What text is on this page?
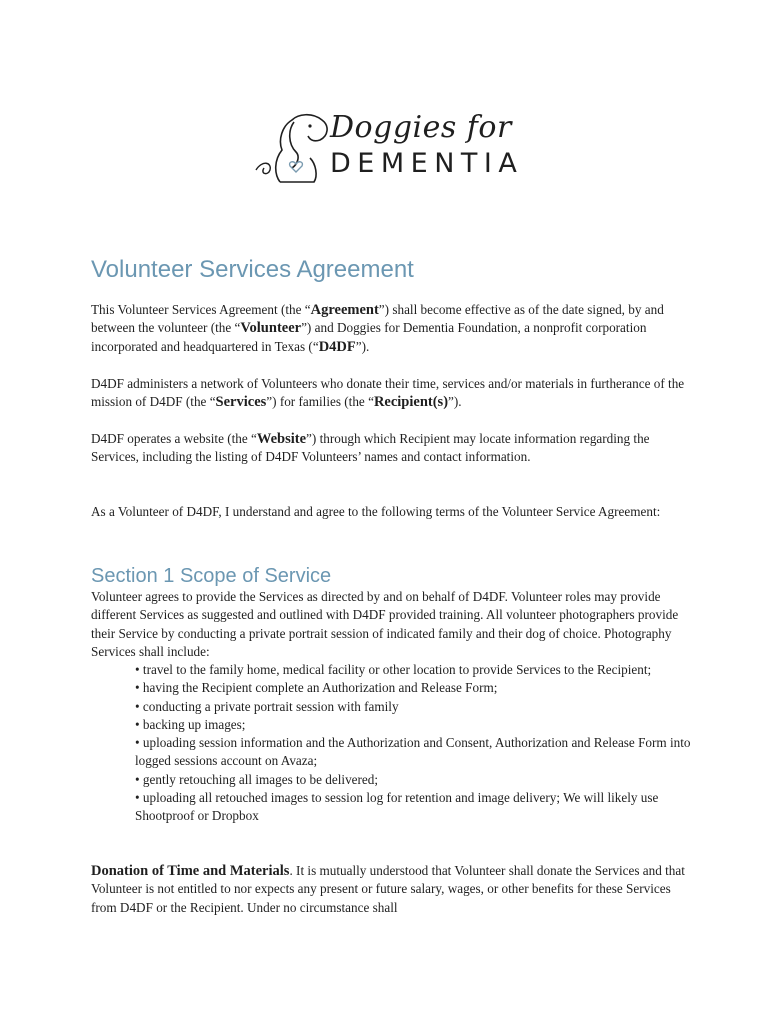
Doggies for
DEMENTIA
Volunteer Services Agreement
This Volunteer Services Agreement (the “Agreement”) shall become effective as of the date signed, by and between the volunteer (the “Volunteer”) and Doggies for Dementia Foundation, a nonprofit corporation incorporated and headquartered in Texas (“D4DF”).
D4DF administers a network of Volunteers who donate their time, services and/or materials in furtherance of the mission of D4DF (the “Services”) for families (the “Recipient(s)”).
D4DF operates a website (the “Website”) through which Recipient may locate information regarding the Services, including the listing of D4DF Volunteers’ names and contact information.
As a Volunteer of D4DF, I understand and agree to the following terms of the Volunteer Service Agreement:
Section 1 Scope of Service
Volunteer agrees to provide the Services as directed by and on behalf of D4DF. Volunteer roles may provide different Services as suggested and outlined with D4DF provided training. All volunteer photographers provide their Service by conducting a private portrait session of indicated family and their dog of choice. Photography Services shall include:
• travel to the family home, medical facility or other location to provide Services to the Recipient;
• having the Recipient complete an Authorization and Release Form;
• conducting a private portrait session with family
• backing up images;
• uploading session information and the Authorization and Consent, Authorization and Release Form into logged sessions account on Avaza;
• gently retouching all images to be delivered;
• uploading all retouched images to session log for retention and image delivery; We will likely use Shootproof or Dropbox
Donation of Time and Materials. It is mutually understood that Volunteer shall donate the Services and that Volunteer is not entitled to nor expects any present or future salary, wages, or other benefits for these Services from D4DF or the Recipient. Under no circumstance shall
